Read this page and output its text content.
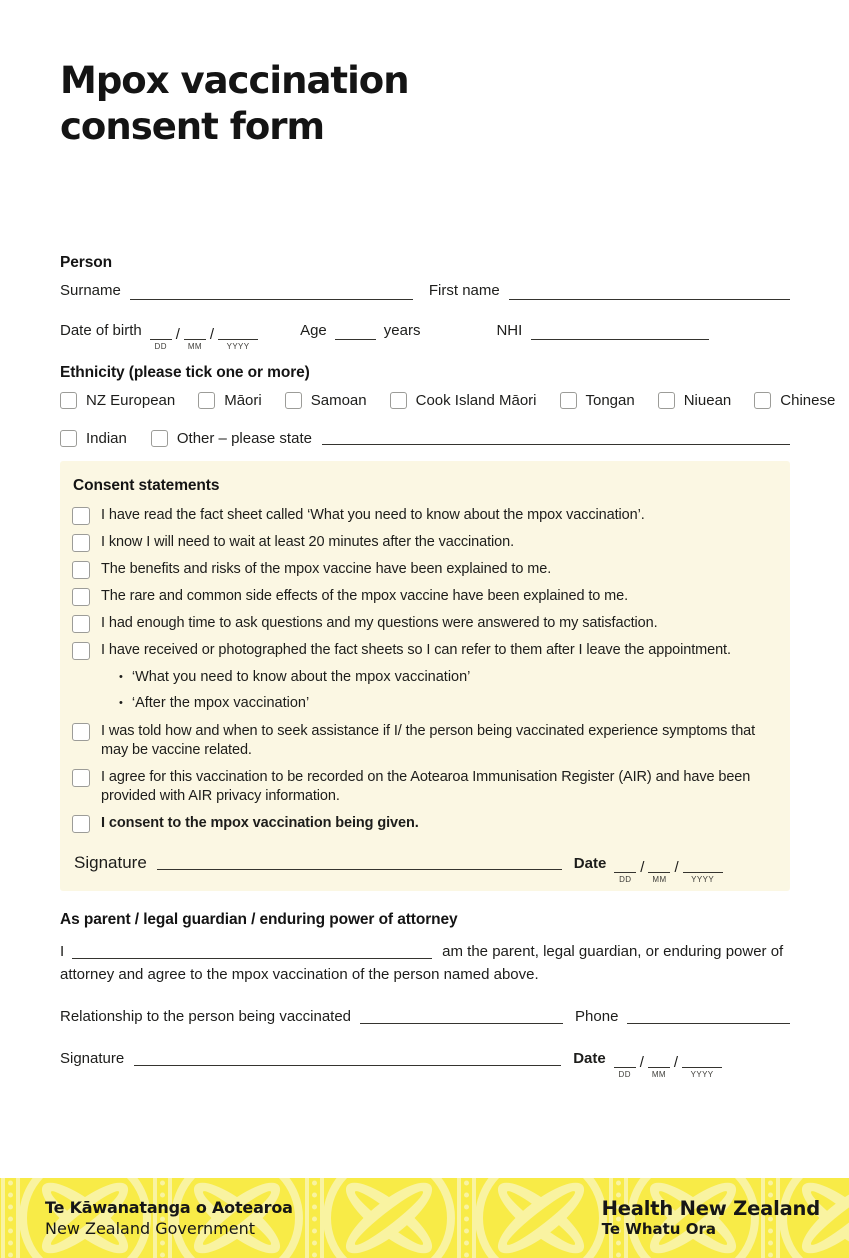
Mpox vaccination
consent form
Person
Surname	First name
Date of birth
DD
/
MM
/
YYYY
Age	years	NHI
Ethnicity (please tick one or more)
NZ European	Māori	Samoan	Cook Island Māori	Tongan	Niuean	Chinese
Indian	Other – please state
Consent statements
I have read the fact sheet called ‘What you need to know about the mpox vaccination’.
I know I will need to wait at least 20 minutes after the vaccination.
The benefits and risks of the mpox vaccine have been explained to me.
The rare and common side effects of the mpox vaccine have been explained to me.
I had enough time to ask questions and my questions were answered to my satisfaction.
I have received or photographed the fact sheets so I can refer to them after I leave the appointment.
• ‘What you need to know about the mpox vaccination’
• ‘After the mpox vaccination’
I was told how and when to seek assistance if I/ the person being vaccinated experience symptoms that may be vaccine related.
I agree for this vaccination to be recorded on the Aotearoa Immunisation Register (AIR) and have been provided with AIR privacy information.
I consent to the mpox vaccination being given.
Signature	Date
DD
/
MM
/
YYYY
As parent / legal guardian / enduring power of attorney
I	am the parent, legal guardian, or enduring power of
attorney and agree to the mpox vaccination of the person named above.
Relationship to the person being vaccinated	Phone
Signature	Date
DD
/
MM
/
YYYY
Te Kāwanatanga o Aotearoa
New Zealand Government
Health New Zealand
Te Whatu Ora
